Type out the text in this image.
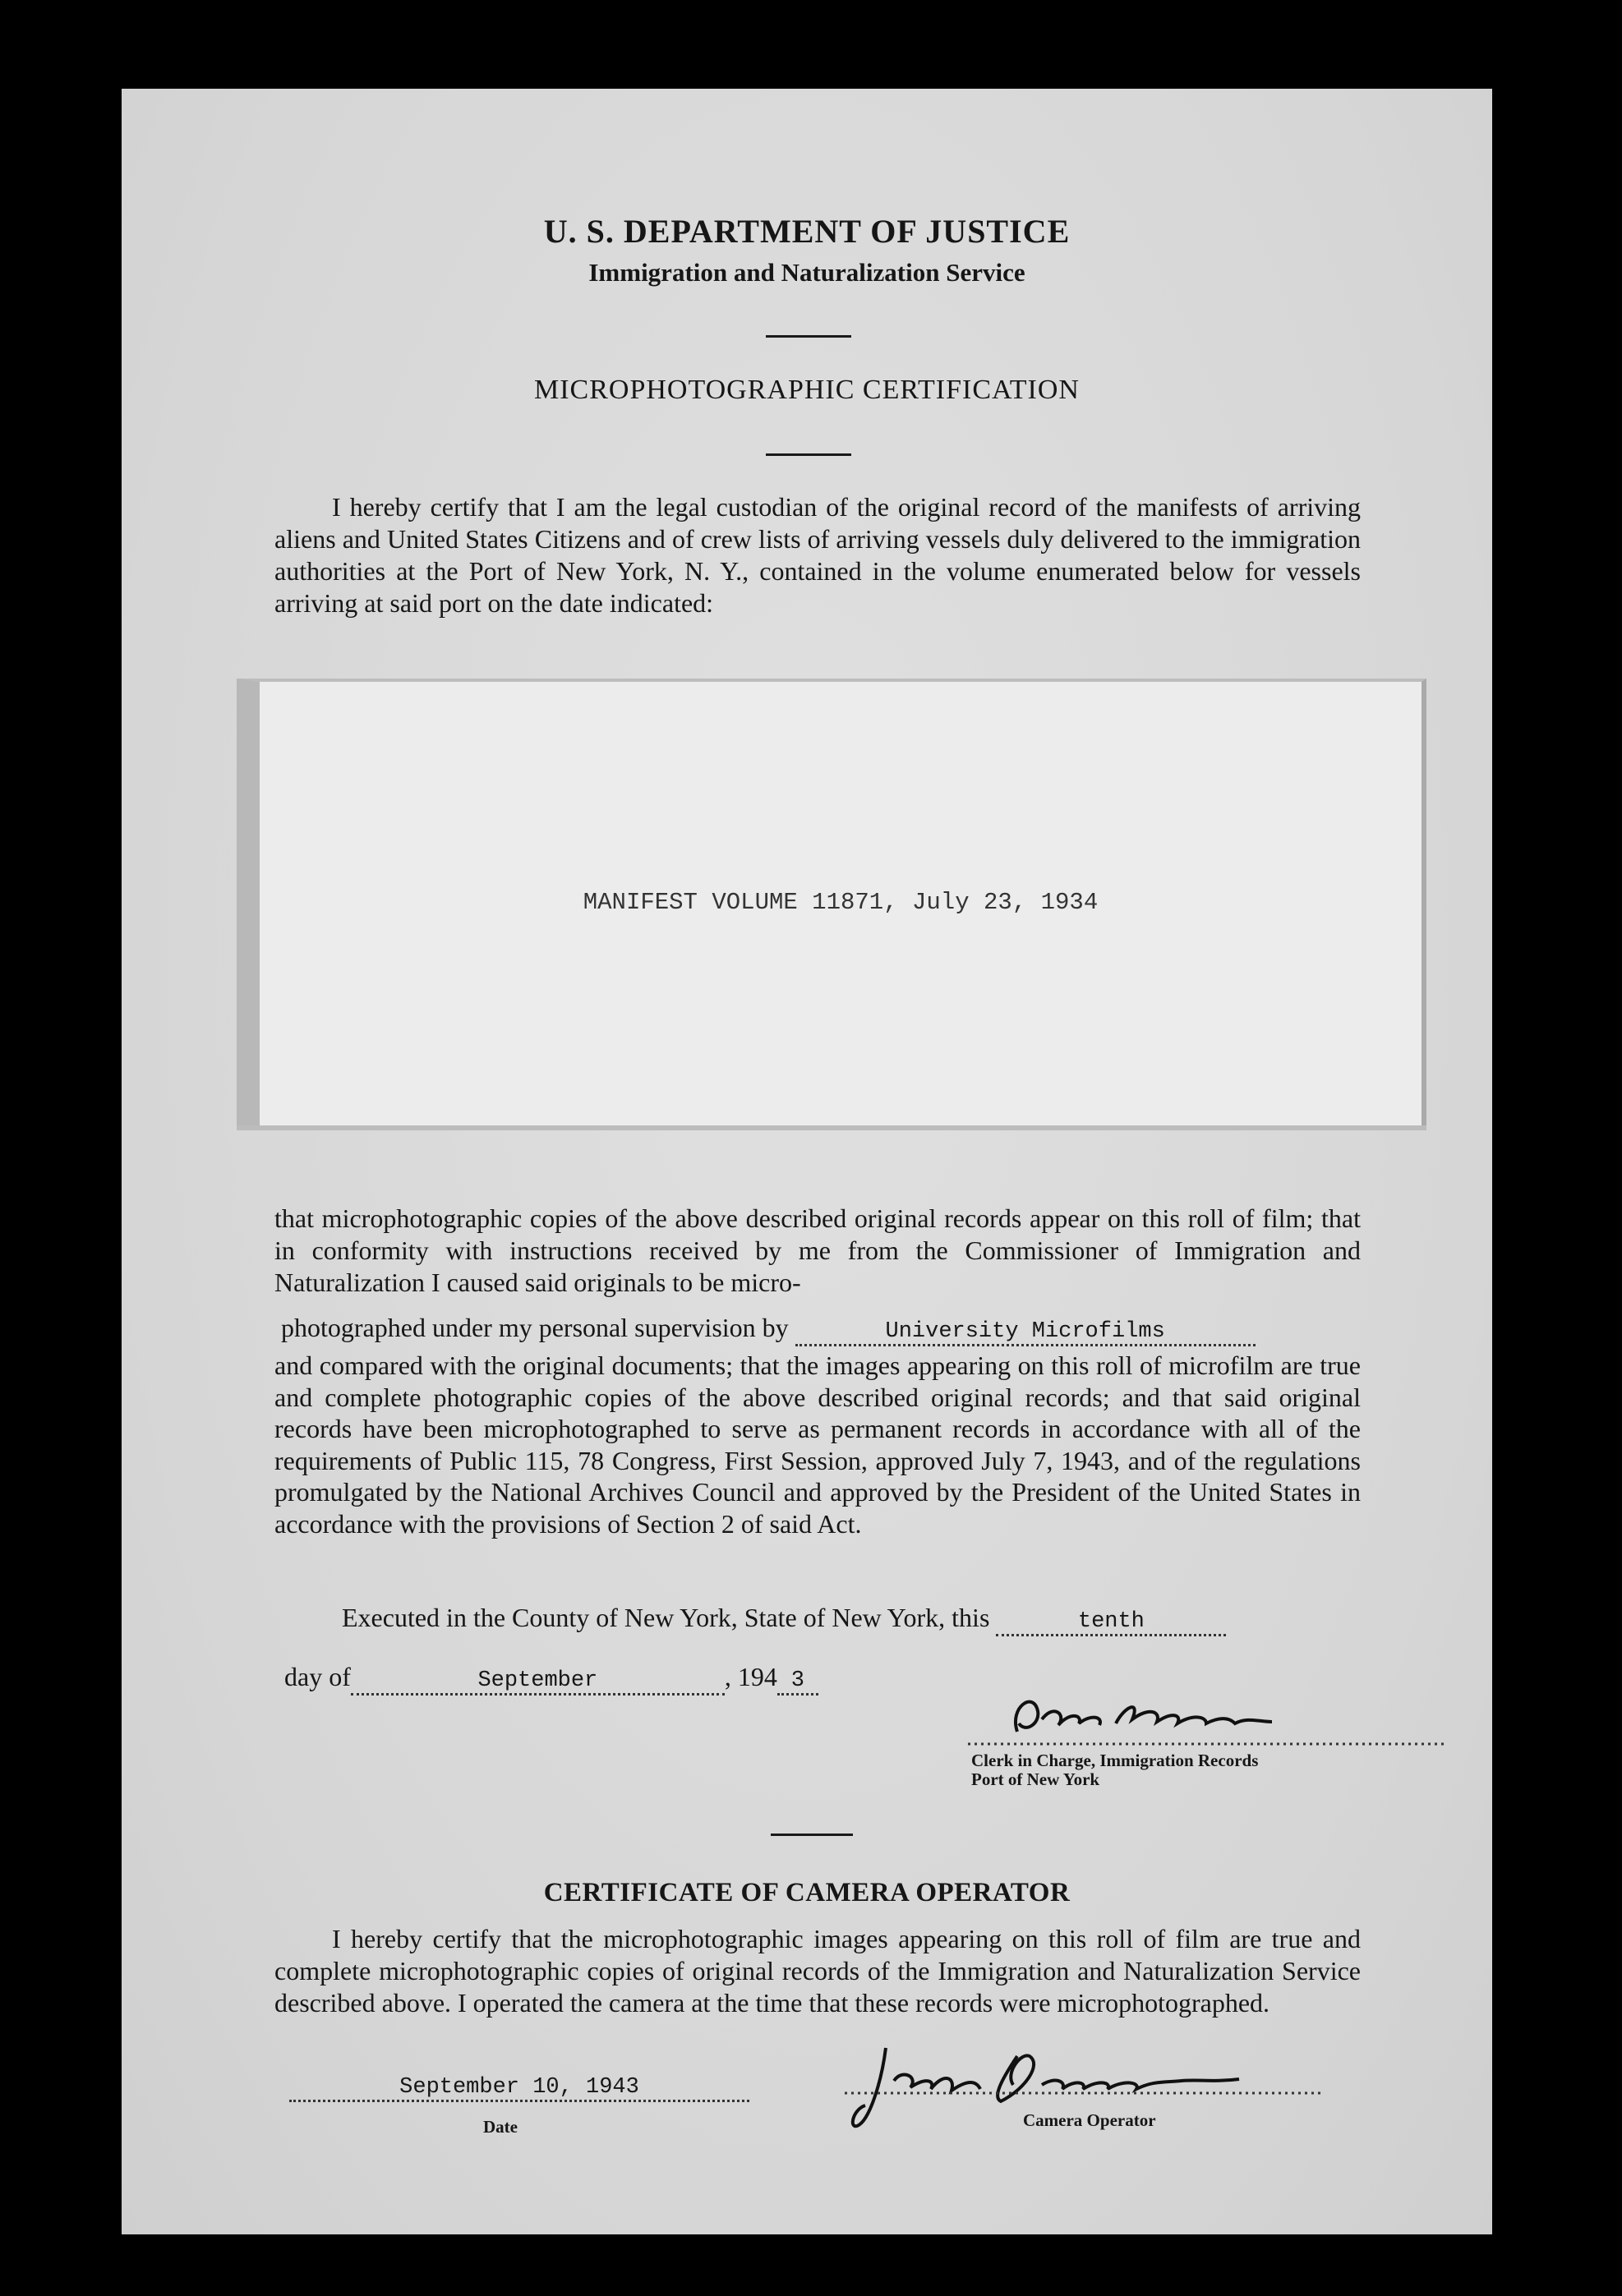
U. S. DEPARTMENT OF JUSTICE
Immigration and Naturalization Service
MICROPHOTOGRAPHIC CERTIFICATION
I hereby certify that I am the legal custodian of the original record of the manifests of arriving aliens and United States Citizens and of crew lists of arriving vessels duly delivered to the immigration authorities at the Port of New York, N. Y., contained in the volume enumerated below for vessels arriving at said port on the date indicated:
MANIFEST VOLUME 11871, July 23, 1934
that microphotographic copies of the above described original records appear on this roll of film; that in conformity with instructions received by me from the Commissioner of Immigration and Naturalization I caused said originals to be micro-
photographed under my personal supervision by	University Microfilms
and compared with the original documents; that the images appearing on this roll of microfilm are true and complete photographic copies of the above described original records; and that said original records have been microphotographed to serve as permanent records in accordance with all of the requirements of Public 115, 78 Congress, First Session, approved July 7, 1943, and of the regulations promulgated by the National Archives Council and approved by the President of the United States in accordance with the provisions of Section 2 of said Act.
Executed in the County of New York, State of New York, this	tenth
day of	September	, 194 3
Clerk in Charge, Immigration Records
Port of New York
CERTIFICATE OF CAMERA OPERATOR
I hereby certify that the microphotographic images appearing on this roll of film are true and complete microphotographic copies of original records of the Immigration and Naturalization Service described above. I operated the camera at the time that these records were microphotographed.
September 10, 1943
Date	Camera Operator
